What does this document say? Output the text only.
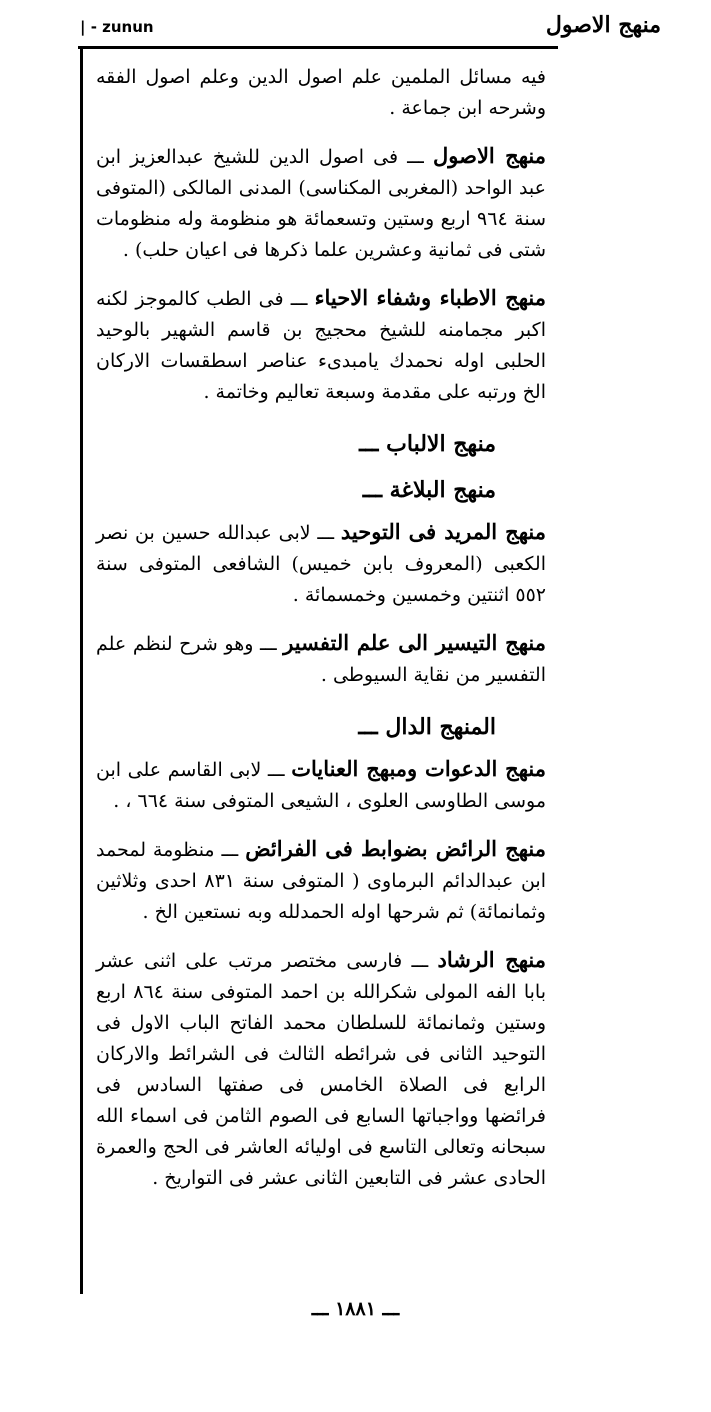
| - zunun	منهج الاصول

فيه مسائل الملمين علم اصول الدين وعلم اصول الفقه وشرحه ابن جماعة .

منهج الاصول ـــ فى اصول الدين للشيخ عبدالعزيز ابن عبد الواحد (المغربى المكناسى) المدنى المالكى (المتوفى سنة ٩٦٤ اربع وستين وتسعمائة هو منظومة وله منظومات شتى فى ثمانية وعشرين علما ذكرها فى اعيان حلب) .

منهج الاطباء وشفاء الاحياء ـــ فى الطب كالموجز لكنه اكبر مجمامنه للشيخ محجيج بن قاسم الشهير بالوحيد الحلبى اوله نحمدك يامبدىء عناصر اسطقسات الاركان الخ ورتبه على مقدمة وسبعة تعاليم وخاتمة .

منهج الالباب ـــ

منهج البلاغة ـــ

منهج المريد فى التوحيد ـــ لابى عبدالله حسين بن نصر الكعبى (المعروف بابن خميس) الشافعى المتوفى سنة ٥٥٢ اثنتين وخمسين وخمسمائة .

منهج التيسير الى علم التفسير ـــ وهو شرح لنظم علم التفسير من نقاية السيوطى .

المنهج الدال ـــ

منهج الدعوات ومبهج العنايات ـــ لابى القاسم على ابن موسى الطاوسى العلوى ، الشيعى المتوفى سنة ٦٦٤ ، .

منهج الرائض بضوابط فى الفرائض ـــ منظومة لمحمد ابن عبدالدائم البرماوى ( المتوفى سنة ٨٣١ احدى وثلاثين وثمانمائة) ثم شرحها اوله الحمدلله وبه نستعين الخ .

منهج الرشاد ـــ فارسى مختصر مرتب على اثنى عشر بابا الفه المولى شكرالله بن احمد المتوفى سنة ٨٦٤ اربع وستين وثمانمائة للسلطان محمد الفاتح الباب الاول فى التوحيد الثانى فى شرائطه الثالث فى الشرائط والاركان الرابع فى الصلاة الخامس فى صفتها السادس فى فرائضها وواجباتها السابع فى الصوم الثامن فى اسماء الله سبحانه وتعالى التاسع فى اوليائه العاشر فى الحج والعمرة الحادى عشر فى التابعين الثانى عشر فى التواريخ .

ـــ ١٨٨١ ـــ
